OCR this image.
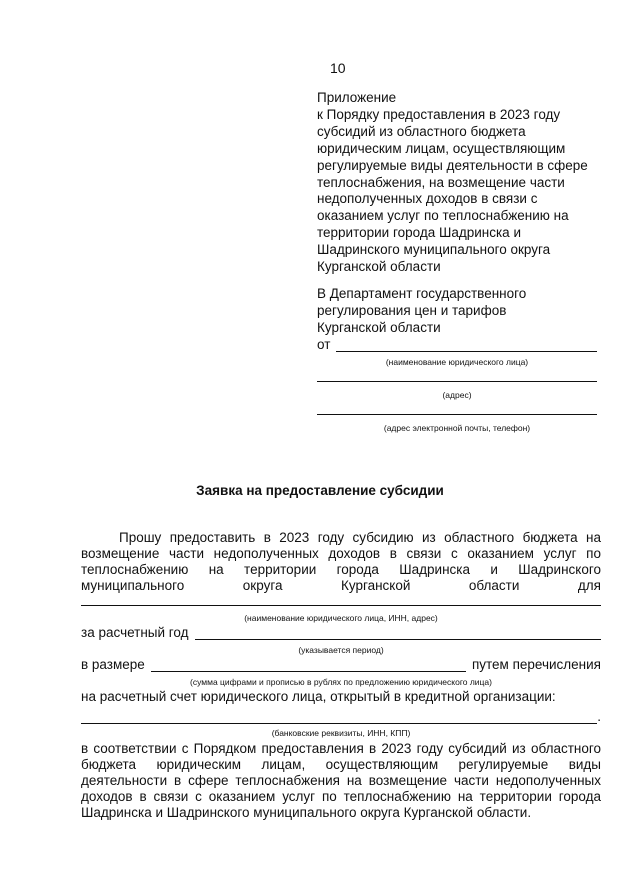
10
Приложение
к Порядку предоставления в 2023 году
субсидий из областного бюджета
юридическим лицам, осуществляющим
регулируемые виды деятельности в сфере
теплоснабжения, на возмещение части
недополученных доходов в связи с
оказанием услуг по теплоснабжению на
территории города Шадринска и
Шадринского муниципального округа
Курганской области
В Департамент государственного
регулирования цен и тарифов
Курганской области
от
(наименование юридического лица)
(адрес)
(адрес электронной почты, телефон)
Заявка на предоставление субсидии
Прошу предоставить в 2023 году субсидию из областного бюджета на
возмещение части недополученных доходов в связи с оказанием услуг по
теплоснабжению на территории города Шадринска и Шадринского
муниципального округа Курганской области для
(наименование юридического лица, ИНН, адрес)
за расчетный год
(указывается период)
в размере	путем перечисления
(сумма цифрами и прописью в рублях по предложению юридического лица)
на расчетный счет юридического лица, открытый в кредитной организации:
.
(банковские реквизиты, ИНН, КПП)
в соответствии с Порядком предоставления в 2023 году субсидий из областного
бюджета юридическим лицам, осуществляющим регулируемые виды
деятельности в сфере теплоснабжения на возмещение части недополученных
доходов в связи с оказанием услуг по теплоснабжению на территории города
Шадринска и Шадринского муниципального округа Курганской области.
